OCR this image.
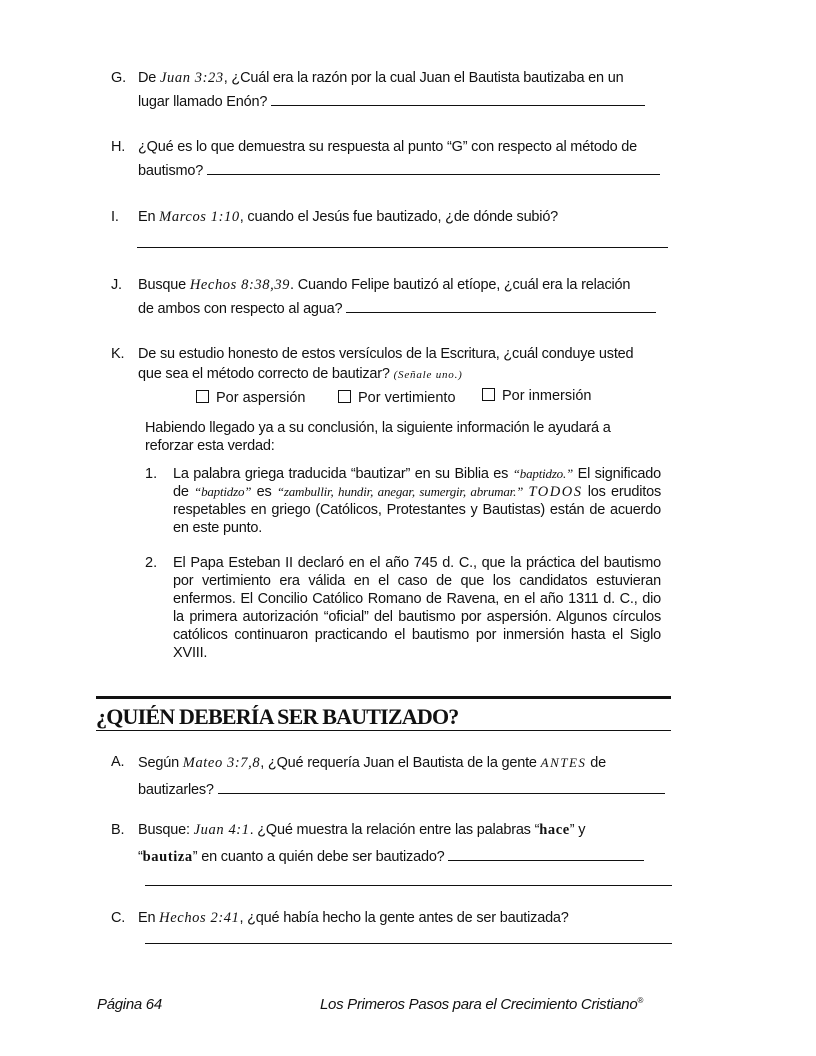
G. De Juan 3:23, ¿Cuál era la razón por la cual Juan el Bautista bautizaba en un
lugar llamado Enón?
H. ¿Qué es lo que demuestra su respuesta al punto “G” con respecto al método de
bautismo?
I. En Marcos 1:10, cuando el Jesús fue bautizado, ¿de dónde subió?
J. Busque Hechos 8:38,39. Cuando Felipe bautizó al etíope, ¿cuál era la relación
de ambos con respecto al agua?
K. De su estudio honesto de estos versículos de la Escritura, ¿cuál conduye usted
que sea el método correcto de bautizar? (Señale uno.)
Por aspersión	Por vertimiento	Por inmersión
Habiendo llegado ya a su conclusión, la siguiente información le ayudará a reforzar esta verdad:
1. La palabra griega traducida “bautizar” en su Biblia es “baptidzo.” El significado de “baptidzo” es “zambullir, hundir, anegar, sumergir, abrumar.” TODOS los eruditos respetables en griego (Católicos, Protestantes y Bautistas) están de acuerdo en este punto.
2. El Papa Esteban II declaró en el año 745 d. C., que la práctica del bautismo por vertimiento era válida en el caso de que los candidatos estuvieran enfermos. El Concilio Católico Romano de Ravena, en el año 1311 d. C., dio la primera autorización “oficial” del bautismo por aspersión. Algunos círculos católicos continuaron practicando el bautismo por inmersión hasta el Siglo XVIII.
¿QUIÉN DEBERÍA SER BAUTIZADO?
A. Según Mateo 3:7,8, ¿Qué requería Juan el Bautista de la gente ANTES de
bautizarles?
B. Busque: Juan 4:1. ¿Qué muestra la relación entre las palabras “hace” y
“bautiza” en cuanto a quién debe ser bautizado?
C. En Hechos 2:41, ¿qué había hecho la gente antes de ser bautizada?
Página 64	Los Primeros Pasos para el Crecimiento Cristiano®
